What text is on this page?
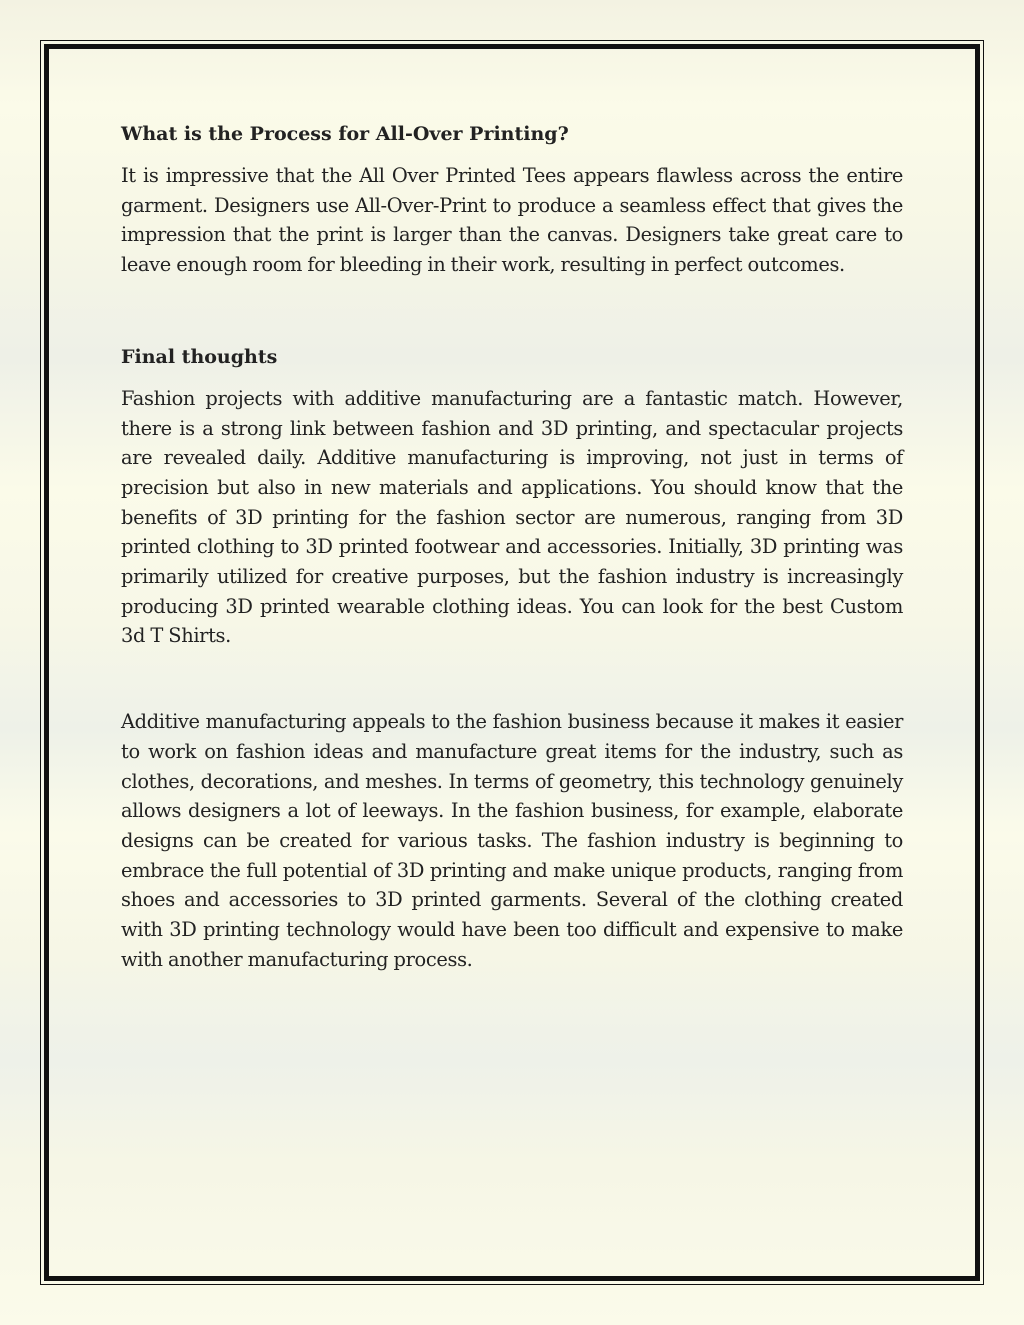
What is the Process for All-Over Printing?

It is impressive that the All Over Printed Tees appears flawless across the entire garment. Designers use All-Over-Print to produce a seamless effect that gives the impression that the print is larger than the canvas. Designers take great care to leave enough room for bleeding in their work, resulting in perfect outcomes.

Final thoughts

Fashion projects with additive manufacturing are a fantastic match. However, there is a strong link between fashion and 3D printing, and spectacular projects are revealed daily. Additive manufacturing is improving, not just in terms of precision but also in new materials and applications. You should know that the benefits of 3D printing for the fashion sector are numerous, ranging from 3D printed clothing to 3D printed footwear and accessories. Initially, 3D printing was primarily utilized for creative purposes, but the fashion industry is increasingly producing 3D printed wearable clothing ideas. You can look for the best Custom 3d T Shirts.

Additive manufacturing appeals to the fashion business because it makes it easier to work on fashion ideas and manufacture great items for the industry, such as clothes, decorations, and meshes. In terms of geometry, this technology genuinely allows designers a lot of leeways. In the fashion business, for example, elaborate designs can be created for various tasks. The fashion industry is beginning to embrace the full potential of 3D printing and make unique products, ranging from shoes and accessories to 3D printed garments. Several of the clothing created with 3D printing technology would have been too difficult and expensive to make with another manufacturing process.
